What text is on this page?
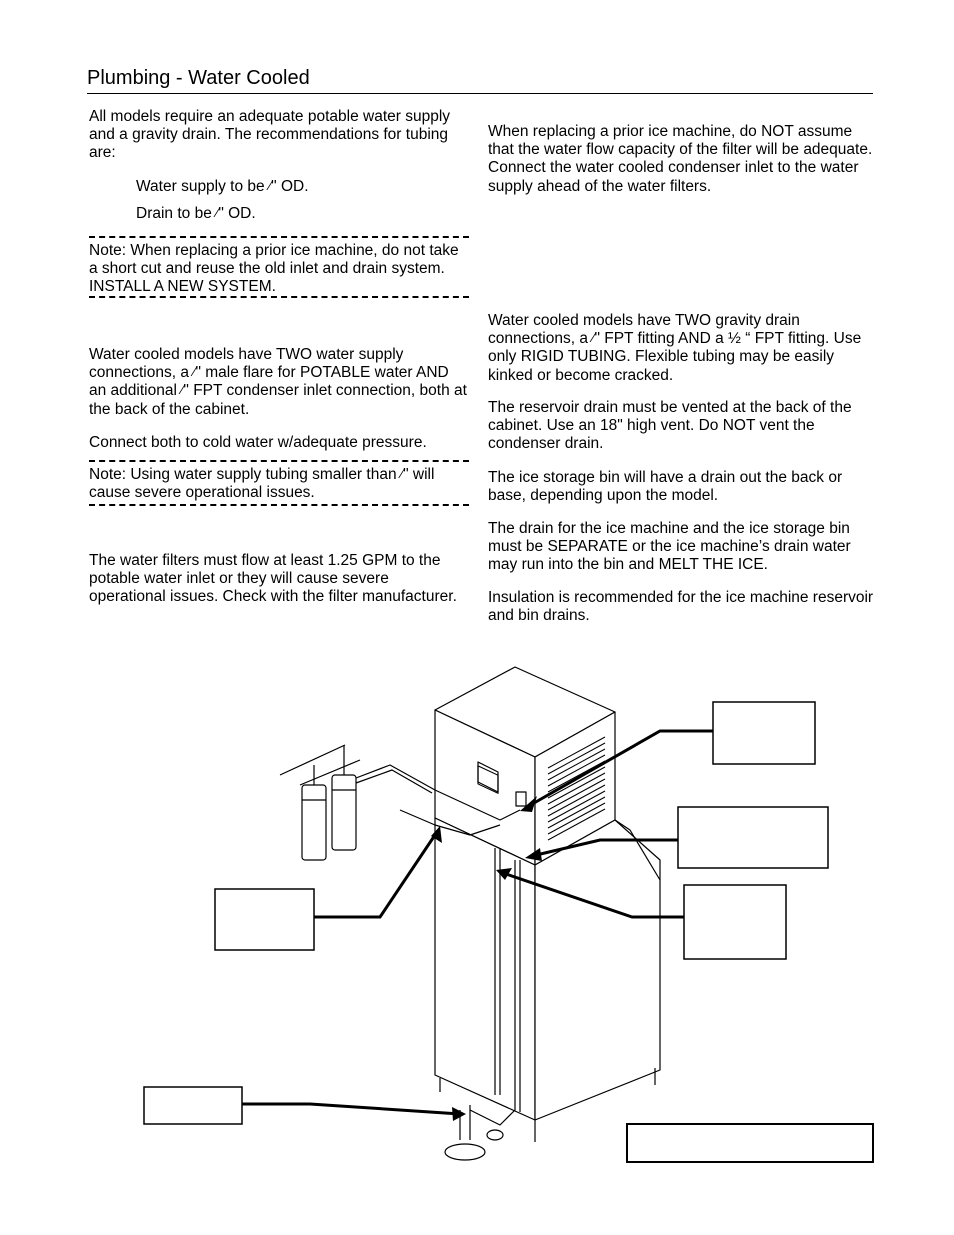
Plumbing - Water Cooled

All models require an adequate potable water supply and a gravity drain. The recommendations for tubing are:

Water supply to be ⁄" OD.

Drain to be ⁄" OD.

Note: When replacing a prior ice machine, do not take a short cut and reuse the old inlet and drain system. INSTALL A NEW SYSTEM.

Water cooled models have TWO water supply connections, a ⁄" male flare for POTABLE water AND an additional ⁄" FPT condenser inlet connection, both at the back of the cabinet.

Connect both to cold water w/adequate pressure.

Note: Using water supply tubing smaller than ⁄" will cause severe operational issues.

The water filters must flow at least 1.25 GPM to the potable water inlet or they will cause severe operational issues. Check with the filter manufacturer.

When replacing a prior ice machine, do NOT assume that the water flow capacity of the filter will be adequate. Connect the water cooled condenser inlet to the water supply ahead of the water filters.

Water cooled models have TWO gravity drain connections, a ⁄" FPT fitting AND a ½ “ FPT fitting. Use only RIGID TUBING. Flexible tubing may be easily kinked or become cracked.

The reservoir drain must be vented at the back of the cabinet. Use an 18" high vent. Do NOT vent the condenser drain.

The ice storage bin will have a drain out the back or base, depending upon the model.

The drain for the ice machine and the ice storage bin must be SEPARATE or the ice machine’s drain water may run into the bin and MELT THE ICE.

Insulation is recommended for the ice machine reservoir and bin drains.
